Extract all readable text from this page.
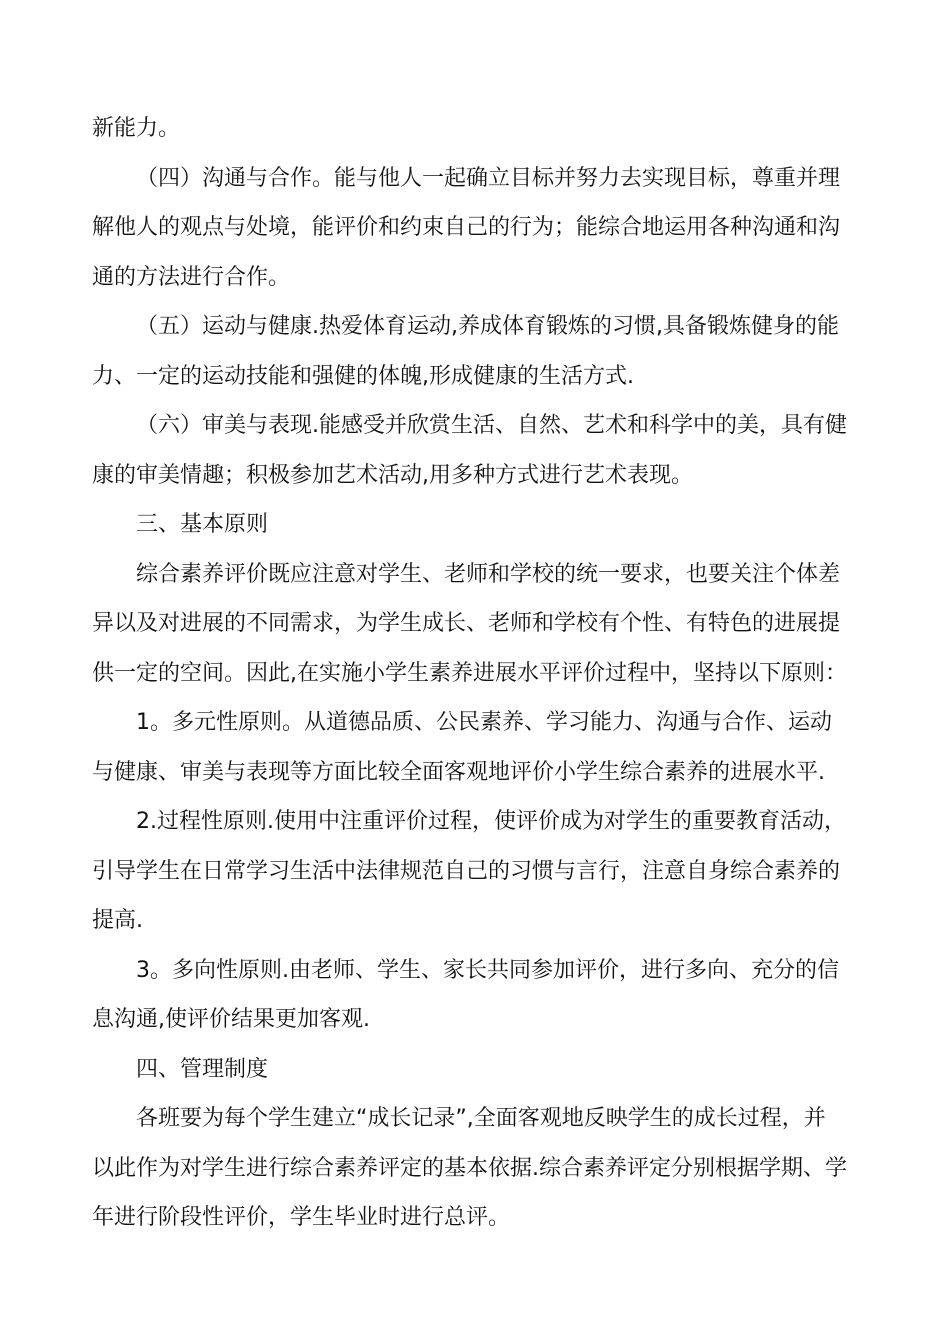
新能力。
（四）沟通与合作。能与他人一起确立目标并努力去实现目标，尊重并理
解他人的观点与处境，能评价和约束自己的行为；能综合地运用各种沟通和沟
通的方法进行合作。
（五）运动与健康.热爱体育运动,养成体育锻炼的习惯,具备锻炼健身的能
力、一定的运动技能和强健的体魄,形成健康的生活方式.
（六）审美与表现.能感受并欣赏生活、自然、艺术和科学中的美，具有健
康的审美情趣；积极参加艺术活动,用多种方式进行艺术表现。
三、基本原则
综合素养评价既应注意对学生、老师和学校的统一要求，也要关注个体差
异以及对进展的不同需求，为学生成长、老师和学校有个性、有特色的进展提
供一定的空间。因此,在实施小学生素养进展水平评价过程中，坚持以下原则：
1。多元性原则。从道德品质、公民素养、学习能力、沟通与合作、运动
与健康、审美与表现等方面比较全面客观地评价小学生综合素养的进展水平.
2.过程性原则.使用中注重评价过程，使评价成为对学生的重要教育活动，
引导学生在日常学习生活中法律规范自己的习惯与言行，注意自身综合素养的
提高.
3。多向性原则.由老师、学生、家长共同参加评价，进行多向、充分的信
息沟通,使评价结果更加客观.
四、管理制度
各班要为每个学生建立“成长记录”,全面客观地反映学生的成长过程，并
以此作为对学生进行综合素养评定的基本依据.综合素养评定分别根据学期、学
年进行阶段性评价，学生毕业时进行总评。
